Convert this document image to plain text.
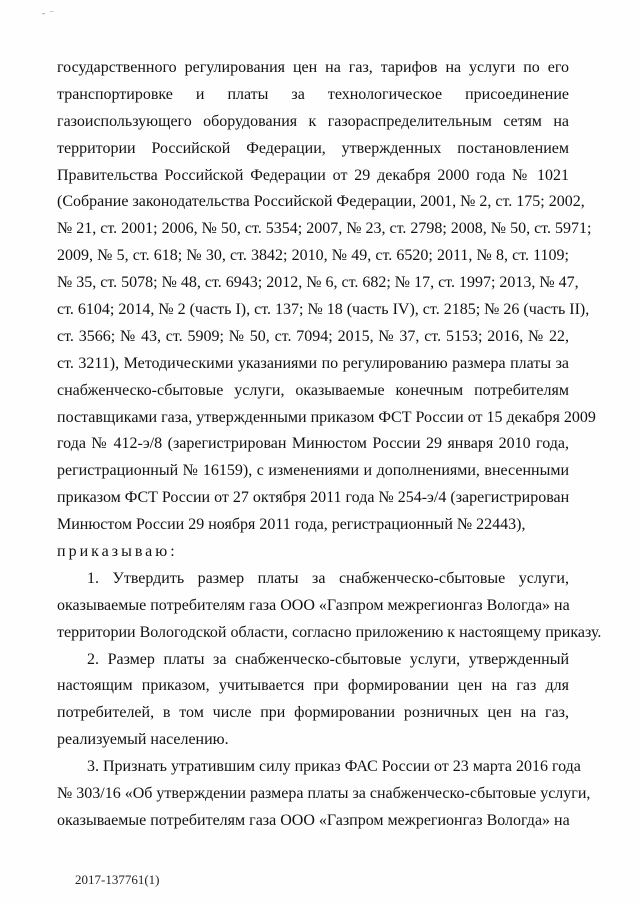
- ⁻
государственного регулирования цен на газ, тарифов на услуги по его
транспортировке и платы за технологическое присоединение
газоиспользующего оборудования к газораспределительным сетям на
территории Российской Федерации, утвержденных постановлением
Правительства Российской Федерации от 29 декабря 2000 года № 1021
(Собрание законодательства Российской Федерации, 2001, № 2, ст. 175; 2002,
№ 21, ст. 2001; 2006, № 50, ст. 5354; 2007, № 23, ст. 2798; 2008, № 50, ст. 5971;
2009, № 5, ст. 618; № 30, ст. 3842; 2010, № 49, ст. 6520; 2011, № 8, ст. 1109;
№ 35, ст. 5078; № 48, ст. 6943; 2012, № 6, ст. 682; № 17, ст. 1997; 2013, № 47,
ст. 6104; 2014, № 2 (часть I), ст. 137; № 18 (часть IV), ст. 2185; № 26 (часть II),
ст. 3566; № 43, ст. 5909; № 50, ст. 7094; 2015, № 37, ст. 5153; 2016, № 22,
ст. 3211), Методическими указаниями по регулированию размера платы за
снабженческо-сбытовые услуги, оказываемые конечным потребителям
поставщиками газа, утвержденными приказом ФСТ России от 15 декабря 2009
года № 412-э/8 (зарегистрирован Минюстом России 29 января 2010 года,
регистрационный № 16159), с изменениями и дополнениями, внесенными
приказом ФСТ России от 27 октября 2011 года № 254-э/4 (зарегистрирован
Минюстом России 29 ноября 2011 года, регистрационный № 22443),
приказываю:
1. Утвердить размер платы за снабженческо-сбытовые услуги,
оказываемые потребителям газа ООО «Газпром межрегионгаз Вологда» на
территории Вологодской области, согласно приложению к настоящему приказу.
2. Размер платы за снабженческо-сбытовые услуги, утвержденный
настоящим приказом, учитывается при формировании цен на газ для
потребителей, в том числе при формировании розничных цен на газ,
реализуемый населению.
3. Признать утратившим силу приказ ФАС России от 23 марта 2016 года
№ 303/16 «Об утверждении размера платы за снабженческо-сбытовые услуги,
оказываемые потребителям газа ООО «Газпром межрегионгаз Вологда» на
2017-137761(1)
